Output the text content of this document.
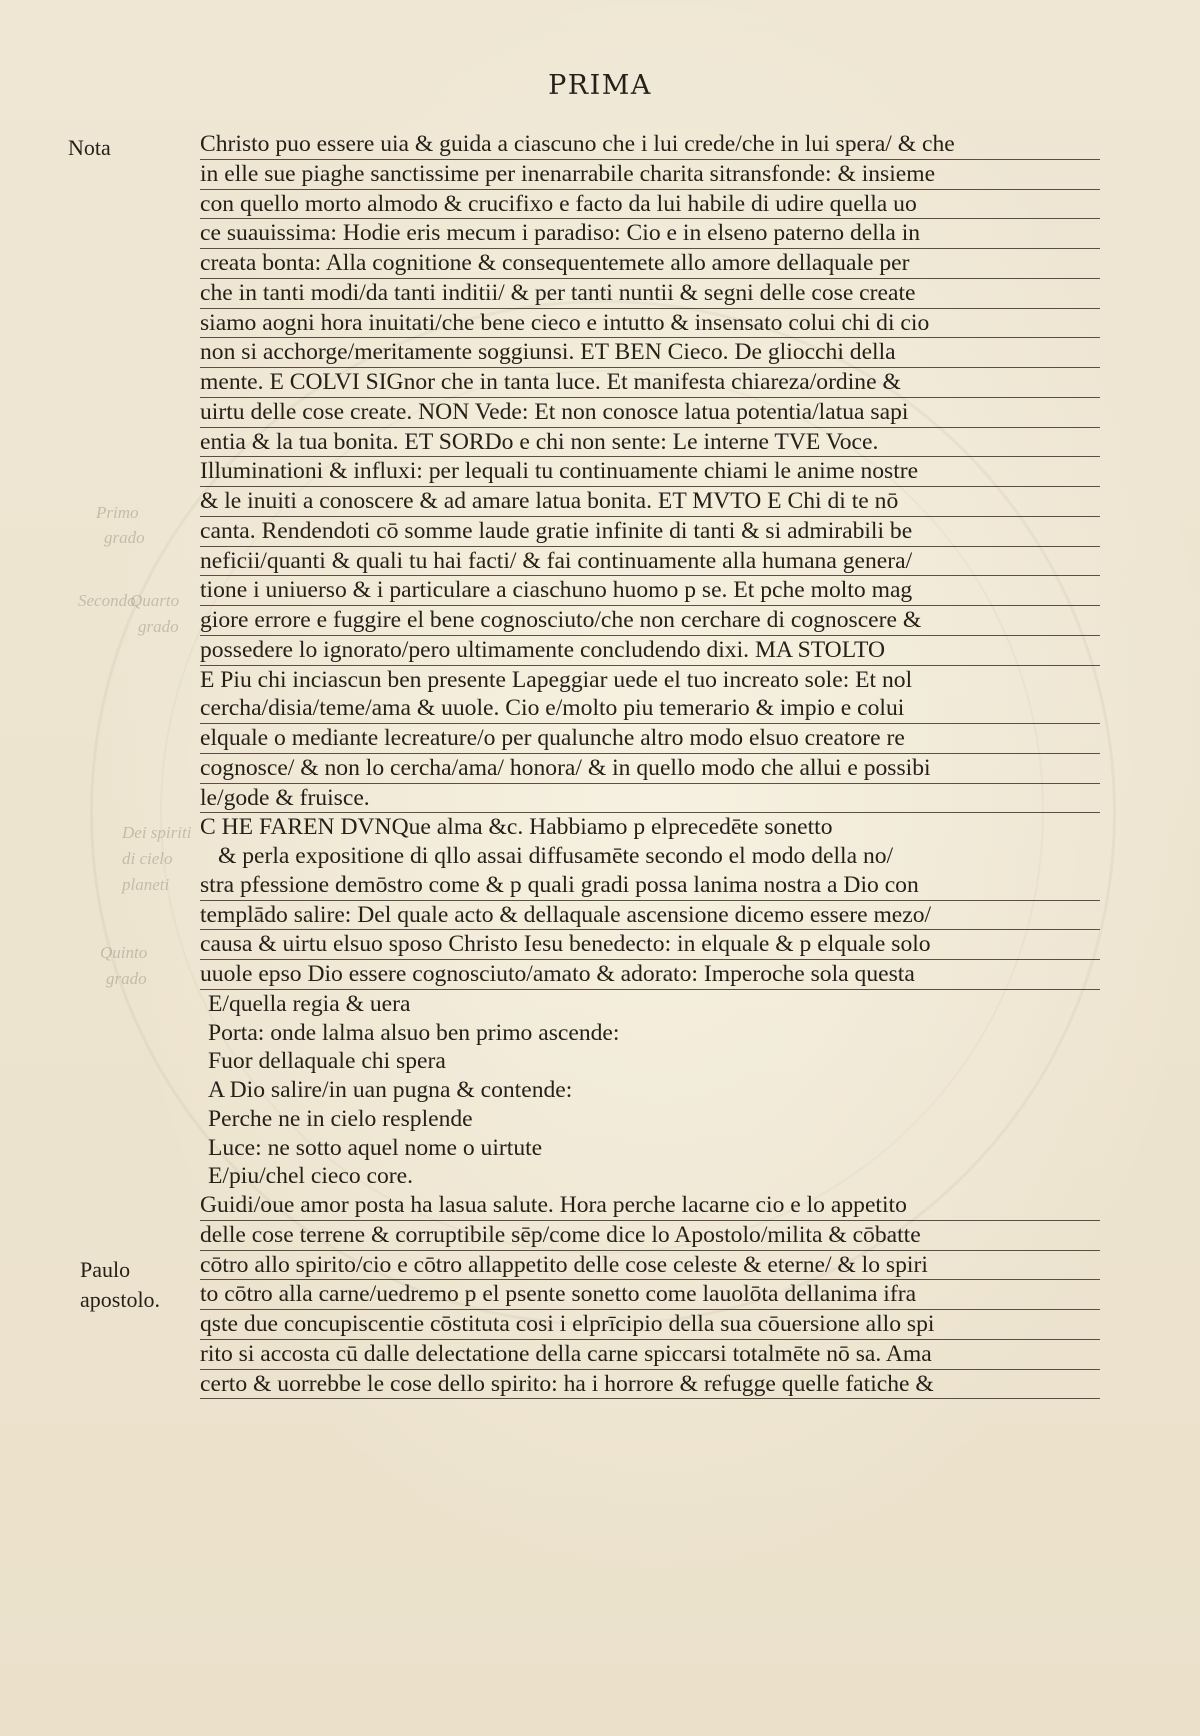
PRIMA
Nota
Paulo
apostolo.
Primo
grado
Secondo
Quarto
grado
Dei spiriti
di cielo
planeti
Quinto
grado
Christo puo essere uia & guida a ciascuno che i lui crede/che in lui spera/ & che
in elle sue piaghe sanctissime per inenarrabile charita sitransfonde: & insieme
con quello morto almodo & crucifixo e facto da lui habile di udire quella uo
ce suauissima: Hodie eris mecum i paradiso: Cio e in elseno paterno della in
creata bonta: Alla cognitione & consequentemete allo amore dellaquale per
che in tanti modi/da tanti inditii/ & per tanti nuntii & segni delle cose create
siamo aogni hora inuitati/che bene cieco e intutto & insensato colui chi di cio
non si acchorge/meritamente soggiunsi. ET BEN Cieco. De gliocchi della
mente. E COLVI SIGnor che in tanta luce. Et manifesta chiareza/ordine &
uirtu delle cose create. NON Vede: Et non conosce latua potentia/latua sapi
entia & la tua bonita. ET SORDo e chi non sente: Le interne TVE Voce.
Illuminationi & influxi: per lequali tu continuamente chiami le anime nostre
& le inuiti a conoscere & ad amare latua bonita. ET MVTO E Chi di te nō
canta. Rendendoti cō somme laude gratie infinite di tanti & si admirabili be
neficii/quanti & quali tu hai facti/ & fai continuamente alla humana genera/
tione i uniuerso & i particulare a ciaschuno huomo p se. Et pche molto mag
giore errore e fuggire el bene cognosciuto/che non cerchare di cognoscere &
possedere lo ignorato/pero ultimamente concludendo dixi. MA STOLTO
E Piu chi inciascun ben presente Lapeggiar uede el tuo increato sole: Et nol
cercha/disia/teme/ama & uuole. Cio e/molto piu temerario & impio e colui
elquale o mediante lecreature/o per qualunche altro modo elsuo creatore re
cognosce/ & non lo cercha/ama/ honora/ & in quello modo che allui e possibi
le/gode & fruisce.
C HE FAREN DVNQue alma &c. Habbiamo p elprecedēte sonetto
& perla expositione di qllo assai diffusamēte secondo el modo della no/
stra pfessione demōstro come & p quali gradi possa lanima nostra a Dio con
templādo salire: Del quale acto & dellaquale ascensione dicemo essere mezo/
causa & uirtu elsuo sposo Christo Iesu benedecto: in elquale & p elquale solo
uuole epso Dio essere cognosciuto/amato & adorato: Imperoche sola questa
E/quella regia & uera
Porta: onde lalma alsuo ben primo ascende:
Fuor dellaquale chi spera
A Dio salire/in uan pugna & contende:
Perche ne in cielo resplende
Luce: ne sotto aquel nome o uirtute
E/piu/chel cieco core.
Guidi/oue amor posta ha lasua salute. Hora perche lacarne cio e lo appetito
delle cose terrene & corruptibile sēp/come dice lo Apostolo/milita & cōbatte
cōtro allo spirito/cio e cōtro allappetito delle cose celeste & eterne/ & lo spiri
to cōtro alla carne/uedremo p el psente sonetto come lauolōta dellanima ifra
qste due concupiscentie cōstituta cosi i elprīcipio della sua cōuersione allo spi
rito si accosta cū dalle delectatione della carne spiccarsi totalmēte nō sa. Ama
certo & uorrebbe le cose dello spirito: ha i horrore & refugge quelle fatiche &
